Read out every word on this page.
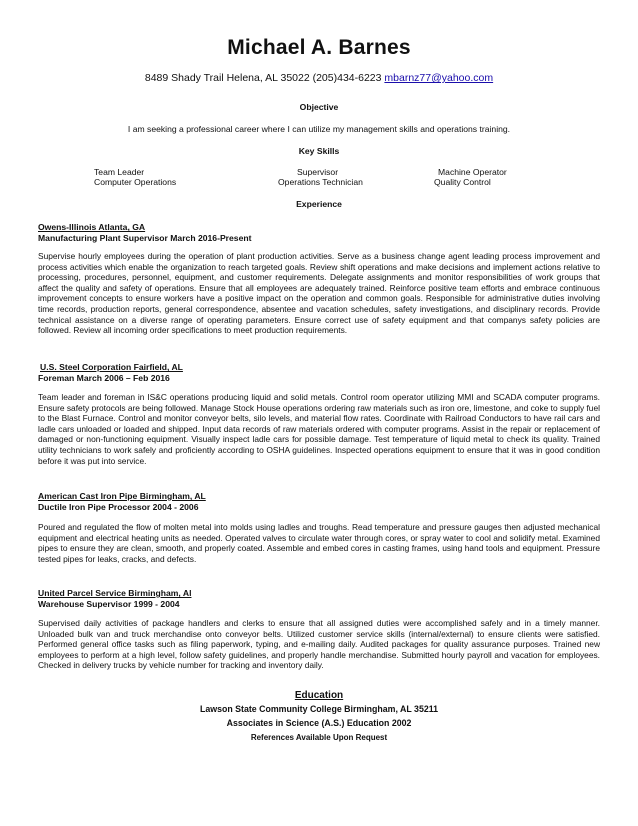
Michael A. Barnes
8489 Shady Trail Helena, AL 35022 (205)434-6223 mbarnz77@yahoo.com
Objective
I am seeking a professional career where I can utilize my management skills and operations training.
Key Skills
Team Leader	Supervisor	Machine Operator
Computer Operations	Operations Technician	Quality Control
Experience
Owens-Illinois Atlanta, GA
Manufacturing Plant Supervisor March 2016-Present
Supervise hourly employees during the operation of plant production activities. Serve as a business change agent leading process improvement and process activities which enable the organization to reach targeted goals. Review shift operations and make decisions and implement actions relative to processing, procedures, personnel, equipment, and customer requirements. Delegate assignments and monitor responsibilities of work groups that affect the quality and safety of operations. Ensure that all employees are adequately trained. Reinforce positive team efforts and embrace continuous improvement concepts to ensure workers have a positive impact on the operation and common goals. Responsible for administrative duties involving time records, production reports, general correspondence, absentee and vacation schedules, safety investigations, and disciplinary records. Provide technical assistance on a diverse range of operating parameters. Ensure correct use of safety equipment and that companys safety policies are followed. Review all incoming order specifications to meet production requirements.
U.S. Steel Corporation Fairfield, AL
Foreman March 2006 – Feb 2016
Team leader and foreman in IS&C operations producing liquid and solid metals. Control room operator utilizing MMI and SCADA computer programs. Ensure safety protocols are being followed. Manage Stock House operations ordering raw materials such as iron ore, limestone, and coke to supply fuel to the Blast Furnace. Control and monitor conveyor belts, silo levels, and material flow rates. Coordinate with Railroad Conductors to have rail cars and ladle cars unloaded or loaded and shipped. Input data records of raw materials ordered with computer programs. Assist in the repair or replacement of damaged or non-functioning equipment. Visually inspect ladle cars for possible damage. Test temperature of liquid metal to check its quality. Trained utility technicians to work safely and proficiently according to OSHA guidelines. Inspected operations equipment to ensure that it was in good condition before it was put into service.
American Cast Iron Pipe Birmingham, AL
Ductile Iron Pipe Processor 2004 - 2006
Poured and regulated the flow of molten metal into molds using ladles and troughs. Read temperature and pressure gauges then adjusted mechanical equipment and electrical heating units as needed. Operated valves to circulate water through cores, or spray water to cool and solidify metal. Examined pipes to ensure they are clean, smooth, and properly coated. Assemble and embed cores in casting frames, using hand tools and equipment. Pressure tested pipes for leaks, cracks, and defects.
United Parcel Service Birmingham, Al
Warehouse Supervisor 1999 - 2004
Supervised daily activities of package handlers and clerks to ensure that all assigned duties were accomplished safely and in a timely manner. Unloaded bulk van and truck merchandise onto conveyor belts. Utilized customer service skills (internal/external) to ensure clients were satisfied. Performed general office tasks such as filing paperwork, typing, and e-mailing daily. Audited packages for quality assurance purposes. Trained new employees to perform at a high level, follow safety guidelines, and properly handle merchandise. Submitted hourly payroll and vacation for employees. Checked in delivery trucks by vehicle number for tracking and inventory daily.
Education
Lawson State Community College Birmingham, AL 35211
Associates in Science (A.S.) Education 2002
References Available Upon Request
